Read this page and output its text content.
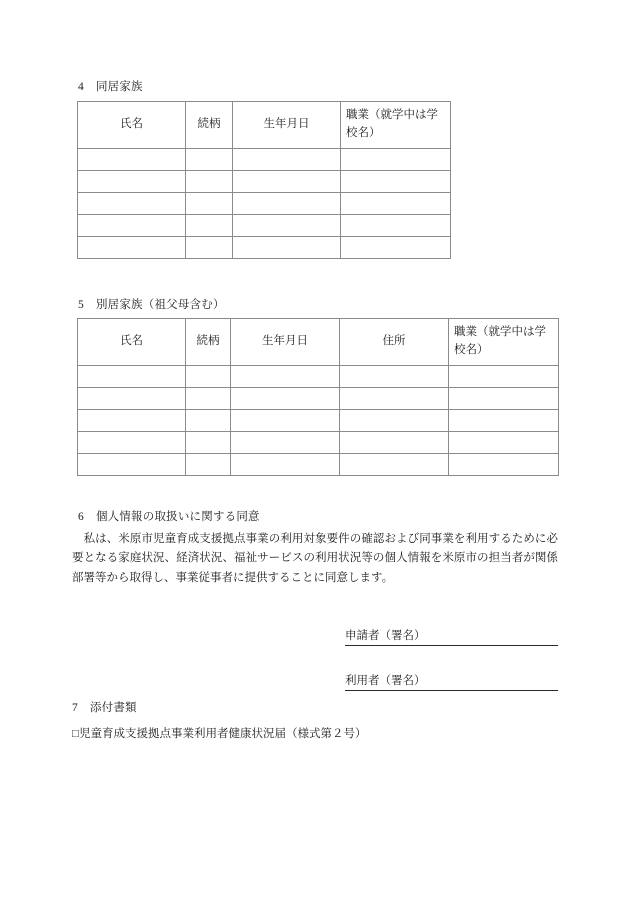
4 同居家族
氏名	続柄	生年月日	職業（就学中は学校名）

5 別居家族（祖父母含む）
氏名	続柄	生年月日	住所	職業（就学中は学校名）

6 個人情報の取扱いに関する同意

　私は、米原市児童育成支援拠点事業の利用対象要件の確認および同事業を利用するために必要となる家庭状況、経済状況、福祉サービスの利用状況等の個人情報を米原市の担当者が関係部署等から取得し、事業従事者に提供することに同意します。

申請者（署名）
利用者（署名）
7 添付書類
□児童育成支援拠点事業利用者健康状況届（様式第２号）
